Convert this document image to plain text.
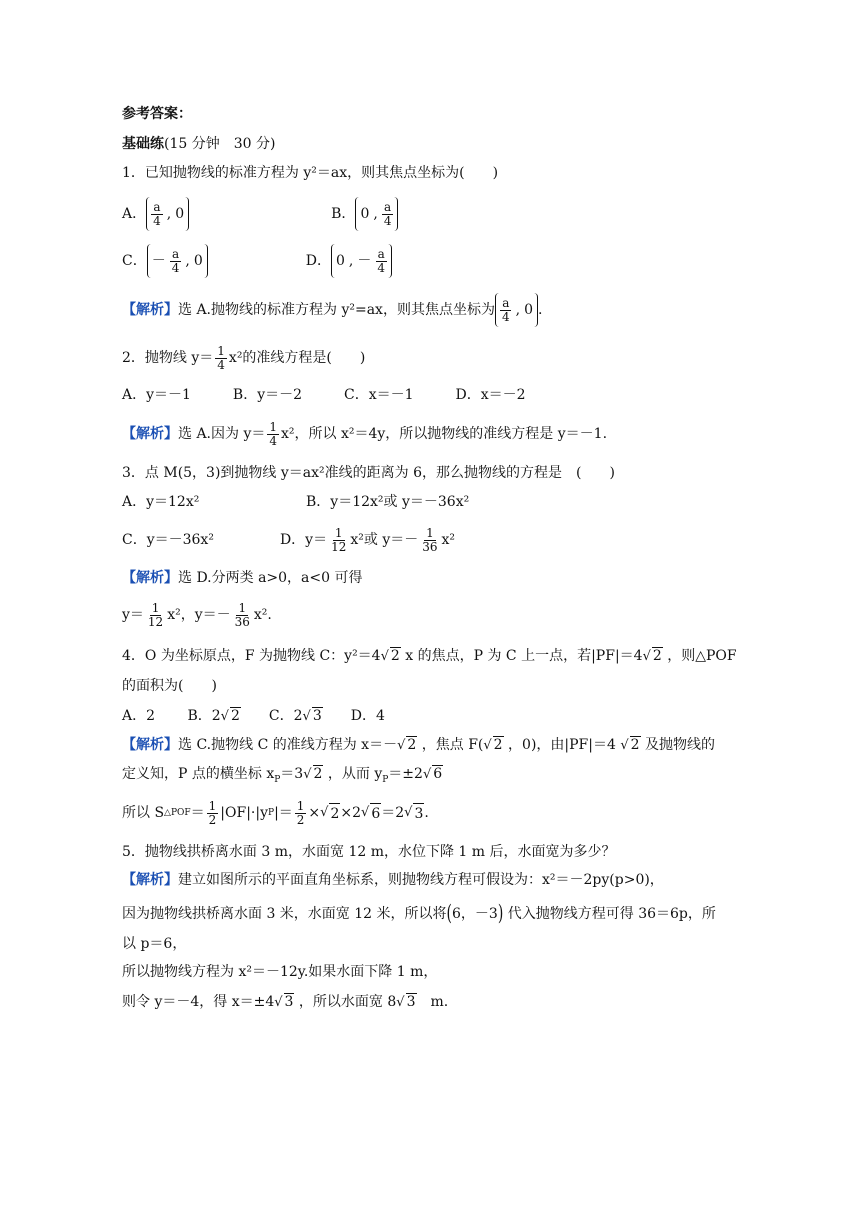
参考答案：
基础练(15 分钟　30 分)
1．已知抛物线的标准方程为 y²＝ax，则其焦点坐标为(　　)
A． $\frac{a}{4}$ , 0	B． 0 , $\frac{a}{4}$
C． － $\frac{a}{4}$ , 0	D． 0 , － $\frac{a}{4}$
【解析】 选 A.抛物线的标准方程为 y²=ax，则其焦点坐标为 $\frac{a}{4}$ , 0 .
2．抛物线 $y= \frac{1}{4} x^2$的准线方程是(　　)
A．y＝－1　　　B．y＝－2　　　C．x＝－1　　　D．x＝－2
【解析】 选 A.因为 $y= \frac{1}{4} x^2$，所以 x²＝4y，所以抛物线的准线方程是 y＝－1.
3．点 M(5，3)到抛物线 y＝ax²准线的距离为 6，那么抛物线的方程是　(　　)
A．y＝12x²	B．y＝12x²或 y＝－36x²
C．y＝－36x²	D．$y= \frac{1}{12} x^2$或 $y=- \frac{1}{36} x^2$
【解析】选 D.分两类 a>0，a<0 可得
$y= \frac{1}{12} x^2$，$y=- \frac{1}{36} x^2$.
4．O 为坐标原点，F 为抛物线 C：y²＝4√ 2 x 的焦点，P 为 C 上一点，若|PF|＝4√ 2 ，则△POF
的面积为(　　)
A．2　　 B．2√ 2　　C．2√ 3　　D．4
【解析】选 C.抛物线 C 的准线方程为 x＝－√ 2 ，焦点 F(√ 2 ，0)，由|PF|＝4 √ 2 及抛物线的
定义知，P 点的横坐标 $x_P=3√$ 2 ，从而 $y_P=\pm 2√$ 6
所以 S △POF ＝ $\frac{1}{2} |OF|\cdot|y$ P |＝ $\frac{1}{2}$ × √ 2 ×2 √ 6 ＝2 √ 3 .
5．抛物线拱桥离水面 3 m，水面宽 12 m，水位下降 1 m 后，水面宽为多少？
【解析】建立如图所示的平面直角坐标系，则抛物线方程可假设为：x²＝－2py(p>0)，
因为抛物线拱桥离水面 3 米，水面宽 12 米，所以将(6，－3) 代入抛物线方程可得 36＝6p，所
以 p＝6，
所以抛物线方程为 x²＝－12y.如果水面下降 1 m，
则令 y＝－4，得 x＝±4√ 3 ，所以水面宽 8√ 3　m.
